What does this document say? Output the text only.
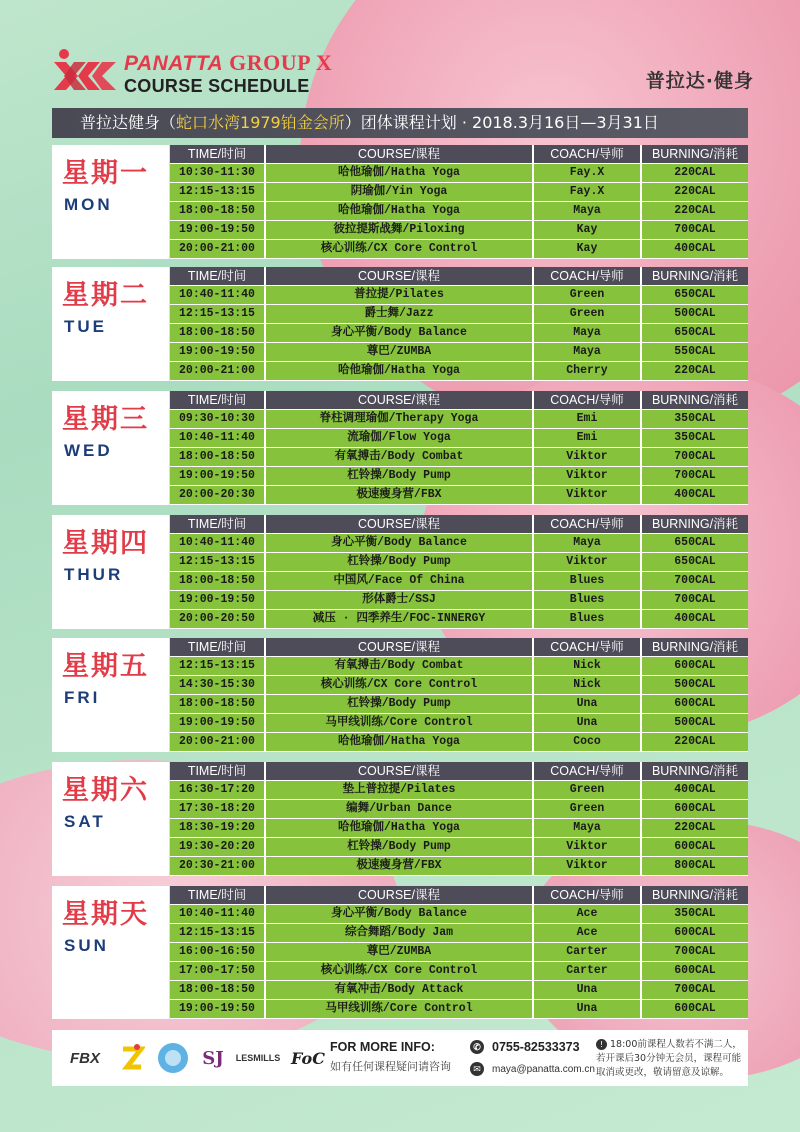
PANATTA GROUP X
COURSE SCHEDULE	普拉达·健身
普拉达健身（蛇口水湾1979铂金会所）团体课程计划 · 2018.3月16日—3月31日
星期一
MON
TIME/时间	COURSE/课程	COACH/导师	BURNING/消耗
10:30-11:30	哈他瑜伽/Hatha Yoga	Fay.X	220CAL
12:15-13:15	阴瑜伽/Yin Yoga	Fay.X	220CAL
18:00-18:50	哈他瑜伽/Hatha Yoga	Maya	220CAL
19:00-19:50	彼拉提斯战舞/Piloxing	Kay	700CAL
20:00-21:00	核心训练/CX Core Control	Kay	400CAL
星期二
TUE
TIME/时间	COURSE/课程	COACH/导师	BURNING/消耗
10:40-11:40	普拉提/Pilates	Green	650CAL
12:15-13:15	爵士舞/Jazz	Green	500CAL
18:00-18:50	身心平衡/Body Balance	Maya	650CAL
19:00-19:50	尊巴/ZUMBA	Maya	550CAL
20:00-21:00	哈他瑜伽/Hatha Yoga	Cherry	220CAL
星期三
WED
TIME/时间	COURSE/课程	COACH/导师	BURNING/消耗
09:30-10:30	脊柱调理瑜伽/Therapy Yoga	Emi	350CAL
10:40-11:40	流瑜伽/Flow Yoga	Emi	350CAL
18:00-18:50	有氧搏击/Body Combat	Viktor	700CAL
19:00-19:50	杠铃操/Body Pump	Viktor	700CAL
20:00-20:30	极速瘦身营/FBX	Viktor	400CAL
星期四
THUR
TIME/时间	COURSE/课程	COACH/导师	BURNING/消耗
10:40-11:40	身心平衡/Body Balance	Maya	650CAL
12:15-13:15	杠铃操/Body Pump	Viktor	650CAL
18:00-18:50	中国风/Face Of China	Blues	700CAL
19:00-19:50	形体爵士/SSJ	Blues	700CAL
20:00-20:50	减压 · 四季养生/FOC-INNERGY	Blues	400CAL
星期五
FRI
TIME/时间	COURSE/课程	COACH/导师	BURNING/消耗
12:15-13:15	有氧搏击/Body Combat	Nick	600CAL
14:30-15:30	核心训练/CX Core Control	Nick	500CAL
18:00-18:50	杠铃操/Body Pump	Una	600CAL
19:00-19:50	马甲线训练/Core Control	Una	500CAL
20:00-21:00	哈他瑜伽/Hatha Yoga	Coco	220CAL
星期六
SAT
TIME/时间	COURSE/课程	COACH/导师	BURNING/消耗
16:30-17:20	垫上普拉提/Pilates	Green	400CAL
17:30-18:20	编舞/Urban Dance	Green	600CAL
18:30-19:20	哈他瑜伽/Hatha Yoga	Maya	220CAL
19:30-20:20	杠铃操/Body Pump	Viktor	600CAL
20:30-21:00	极速瘦身营/FBX	Viktor	800CAL
星期天
SUN
TIME/时间	COURSE/课程	COACH/导师	BURNING/消耗
10:40-11:40	身心平衡/Body Balance	Ace	350CAL
12:15-13:15	综合舞蹈/Body Jam	Ace	600CAL
16:00-16:50	尊巴/ZUMBA	Carter	700CAL
17:00-17:50	核心训练/CX Core Control	Carter	600CAL
18:00-18:50	有氧冲击/Body Attack	Una	700CAL
19:00-19:50	马甲线训练/Core Control	Una	600CAL
FBX	SJ LESMILLS FoC
FOR MORE INFO:
如有任何课程疑问请咨询
✆ 0755-82533373
✉	maya@panatta.com.cn
! 18:00前课程人数若不满二人，若开课后30分钟无会员，课程可能取消或更改，敬请留意及谅解。
